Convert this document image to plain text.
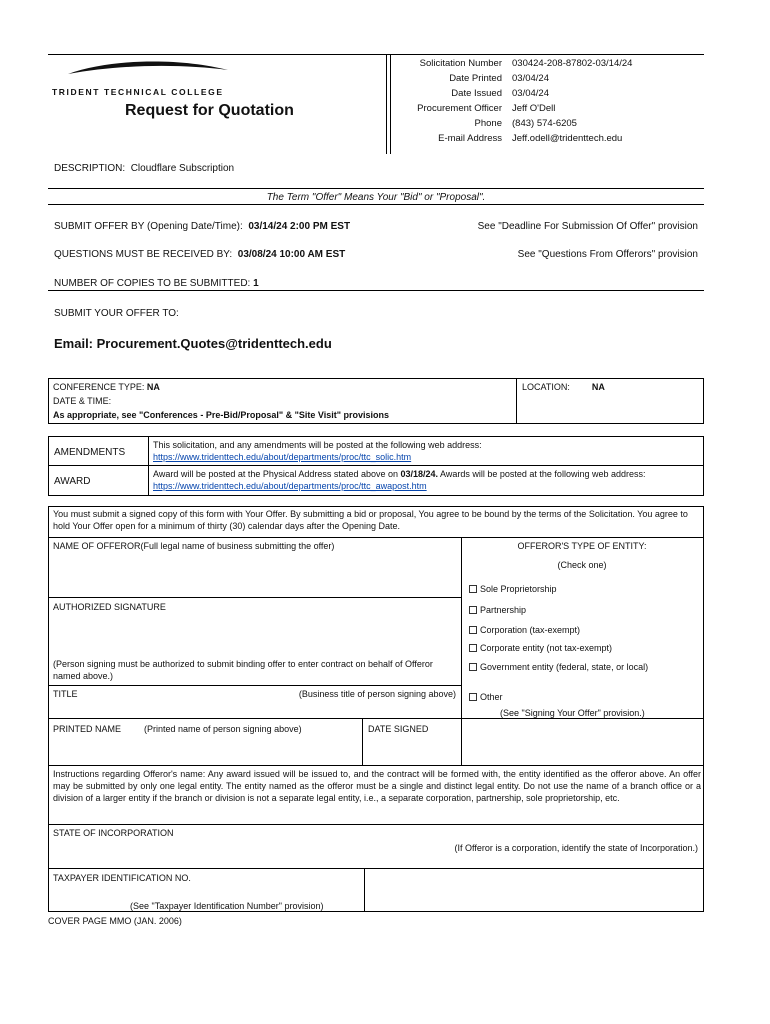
TRIDENT TECHNICAL COLLEGE
Request for Quotation
Solicitation Number	030424-208-87802-03/14/24
Date Printed	03/04/24
Date Issued	03/04/24
Procurement Officer	Jeff O'Dell
Phone	(843) 574-6205
E-mail Address	Jeff.odell@tridenttech.edu
DESCRIPTION: Cloudflare Subscription
The Term "Offer" Means Your "Bid" or "Proposal".
SUBMIT OFFER BY (Opening Date/Time): 03/14/24 2:00 PM EST	See "Deadline For Submission Of Offer" provision
QUESTIONS MUST BE RECEIVED BY: 03/08/24 10:00 AM EST	See "Questions From Offerors" provision
NUMBER OF COPIES TO BE SUBMITTED: 1
SUBMIT YOUR OFFER TO:
Email: Procurement.Quotes@tridenttech.edu
CONFERENCE TYPE: NA
DATE & TIME:
As appropriate, see "Conferences - Pre-Bid/Proposal" & "Site Visit" provisions
LOCATION: NA
AMENDMENTS
This solicitation, and any amendments will be posted at the following web address:
https://www.tridenttech.edu/about/departments/proc/ttc_solic.htm
AWARD
Award will be posted at the Physical Address stated above on 03/18/24. Awards will be posted at the following web address: https://www.tridenttech.edu/about/departments/proc/ttc_awapost.htm
You must submit a signed copy of this form with Your Offer. By submitting a bid or proposal, You agree to be bound by the terms of the Solicitation. You agree to hold Your Offer open for a minimum of thirty (30) calendar days after the Opening Date.
NAME OF OFFEROR(Full legal name of business submitting the offer)
AUTHORIZED SIGNATURE
(Person signing must be authorized to submit binding offer to enter contract on behalf of Offeror named above.)
TITLE	(Business title of person signing above)
PRINTED NAME	(Printed name of person signing above)	DATE SIGNED
OFFEROR'S TYPE OF ENTITY:
(Check one)
Sole Proprietorship
Partnership
Corporation (tax-exempt)
Corporate entity (not tax-exempt)
Government entity (federal, state, or local)
Other
(See "Signing Your Offer" provision.)
Instructions regarding Offeror's name: Any award issued will be issued to, and the contract will be formed with, the entity identified as the offeror above. An offer may be submitted by only one legal entity. The entity named as the offeror must be a single and distinct legal entity. Do not use the name of a branch office or a division of a larger entity if the branch or division is not a separate legal entity, i.e., a separate corporation, partnership, sole proprietorship, etc.
STATE OF INCORPORATION
(If Offeror is a corporation, identify the state of Incorporation.)
TAXPAYER IDENTIFICATION NO.
(See "Taxpayer Identification Number" provision)
COVER PAGE MMO (JAN. 2006)
